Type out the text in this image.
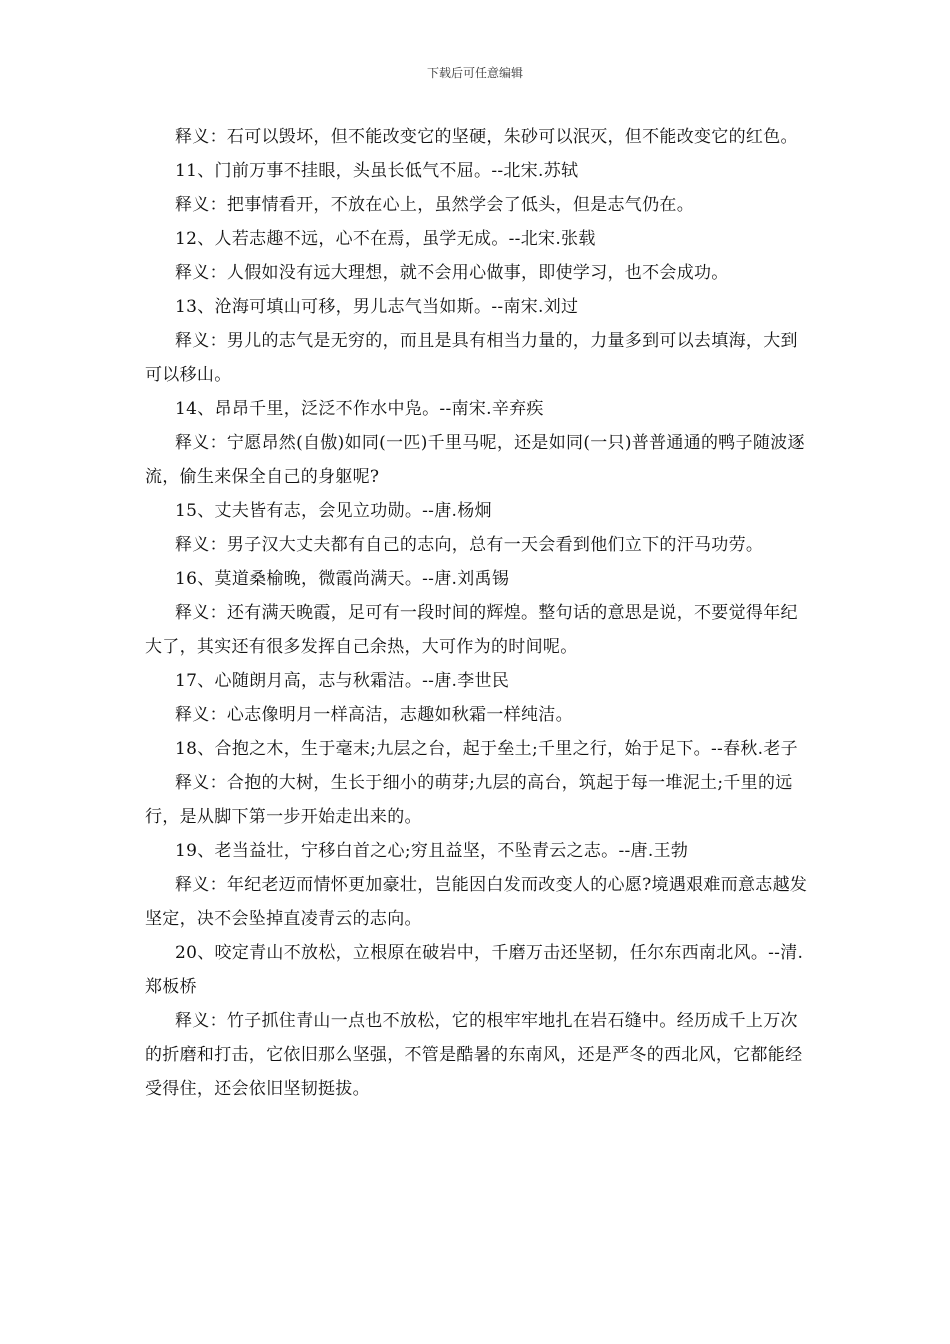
下载后可任意编辑

释义：石可以毁坏，但不能改变它的坚硬，朱砂可以泯灭，但不能改变它的红色。

11、门前万事不挂眼，头虽长低气不屈。--北宋.苏轼

释义：把事情看开，不放在心上，虽然学会了低头，但是志气仍在。

12、人若志趣不远，心不在焉，虽学无成。--北宋.张载

释义：人假如没有远大理想，就不会用心做事，即使学习，也不会成功。

13、沧海可填山可移，男儿志气当如斯。--南宋.刘过

释义：男儿的志气是无穷的，而且是具有相当力量的，力量多到可以去填海，大到可以移山。

14、昂昂千里，泛泛不作水中凫。--南宋.辛弃疾

释义：宁愿昂然(自傲)如同(一匹)千里马呢，还是如同(一只)普普通通的鸭子随波逐流，偷生来保全自己的身躯呢?

15、丈夫皆有志，会见立功勋。--唐.杨炯

释义：男子汉大丈夫都有自己的志向，总有一天会看到他们立下的汗马功劳。

16、莫道桑榆晚，微霞尚满天。--唐.刘禹锡

释义：还有满天晚霞，足可有一段时间的辉煌。整句话的意思是说，不要觉得年纪大了，其实还有很多发挥自己余热，大可作为的时间呢。

17、心随朗月高，志与秋霜洁。--唐.李世民

释义：心志像明月一样高洁，志趣如秋霜一样纯洁。

18、合抱之木，生于毫末;九层之台，起于垒土;千里之行，始于足下。--春秋.老子

释义：合抱的大树，生长于细小的萌芽;九层的高台，筑起于每一堆泥土;千里的远行，是从脚下第一步开始走出来的。

19、老当益壮，宁移白首之心;穷且益坚，不坠青云之志。--唐.王勃

释义：年纪老迈而情怀更加豪壮，岂能因白发而改变人的心愿?境遇艰难而意志越发坚定，决不会坠掉直凌青云的志向。

20、咬定青山不放松，立根原在破岩中，千磨万击还坚韧，任尔东西南北风。--清.郑板桥

释义：竹子抓住青山一点也不放松，它的根牢牢地扎在岩石缝中。经历成千上万次的折磨和打击，它依旧那么坚强，不管是酷暑的东南风，还是严冬的西北风，它都能经受得住，还会依旧坚韧挺拔。
